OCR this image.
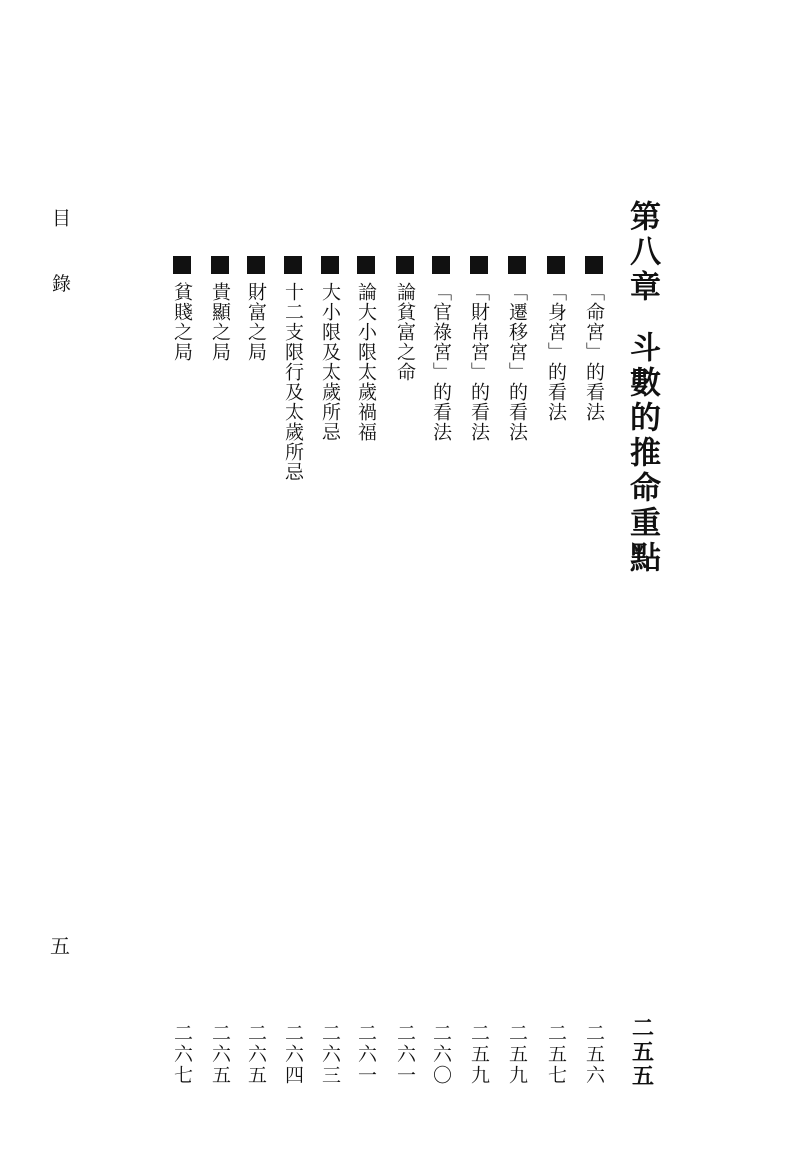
目 錄	第八章
斗數的推命重點
二五五
「命宮」的看法
二五六
「身宮」的看法
二五七
「遷移宮」的看法
二五九
「財帛宮」的看法
二五九
「官祿宮」的看法
二六〇
論貧富之命
二六一
論大小限太歲禍福
二六一
大小限及太歲所忌
二六三
十二支限行及太歲所忌
二六四
財富之局
二六五
貴顯之局
二六五
貧賤之局
二六七
五
